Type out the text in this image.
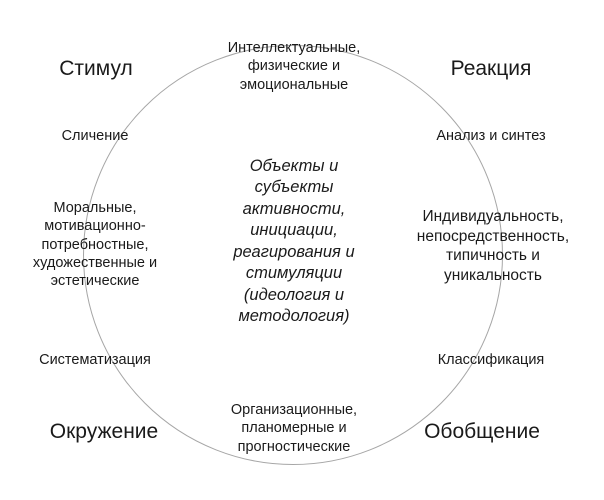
Стимул	Реакция
Окружение	Обобщение
Интеллектуальные,
физические и
эмоциональные
Организационные,
планомерные и
прогностические
Сличение
Моральные,
мотивационно-
потребностные,
художественные и
эстетические
Систематизация
Анализ и синтез
Индивидуальность,
непосредственность,
типичность и
уникальность
Классификация
Объекты и
субъекты
активности,
инициации,
реагирования и
стимуляции
(идеология и
методология)
